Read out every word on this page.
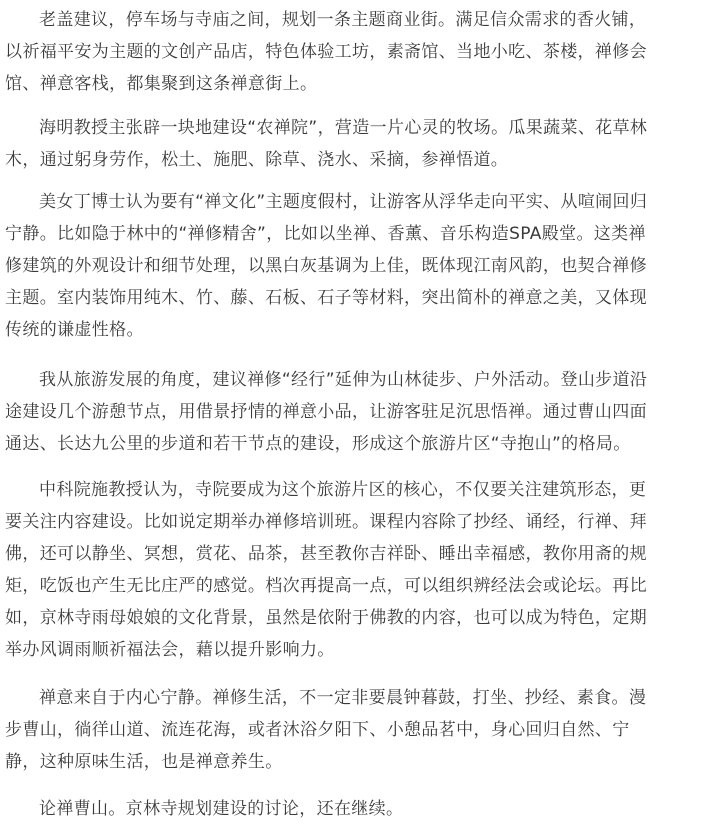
老盖建议，停车场与寺庙之间，规划一条主题商业街。满足信众需求的香火铺，
以祈福平安为主题的文创产品店，特色体验工坊，素斋馆、当地小吃、茶楼，禅修会
馆、禅意客栈，都集聚到这条禅意街上。
海明教授主张辟一块地建设“农禅院”，营造一片心灵的牧场。瓜果蔬菜、花草林
木，通过躬身劳作，松土、施肥、除草、浇水、采摘，参禅悟道。
美女丁博士认为要有“禅文化”主题度假村，让游客从浮华走向平实、从喧闹回归
宁静。比如隐于林中的“禅修精舍”，比如以坐禅、香薰、音乐构造SPA殿堂。这类禅
修建筑的外观设计和细节处理，以黑白灰基调为上佳，既体现江南风韵，也契合禅修
主题。室内装饰用纯木、竹、藤、石板、石子等材料，突出简朴的禅意之美，又体现
传统的谦虚性格。
我从旅游发展的角度，建议禅修“经行”延伸为山林徒步、户外活动。登山步道沿
途建设几个游憩节点，用借景抒情的禅意小品，让游客驻足沉思悟禅。通过曹山四面
通达、长达九公里的步道和若干节点的建设，形成这个旅游片区“寺抱山”的格局。
中科院施教授认为，寺院要成为这个旅游片区的核心，不仅要关注建筑形态，更
要关注内容建设。比如说定期举办禅修培训班。课程内容除了抄经、诵经，行禅、拜
佛，还可以静坐、冥想，赏花、品茶，甚至教你吉祥卧、睡出幸福感，教你用斋的规
矩，吃饭也产生无比庄严的感觉。档次再提高一点，可以组织辨经法会或论坛。再比
如，京林寺雨母娘娘的文化背景，虽然是依附于佛教的内容，也可以成为特色，定期
举办风调雨顺祈福法会，藉以提升影响力。
禅意来自于内心宁静。禅修生活，不一定非要晨钟暮鼓，打坐、抄经、素食。漫
步曹山，徜徉山道、流连花海，或者沐浴夕阳下、小憩品茗中，身心回归自然、宁
静，这种原味生活，也是禅意养生。
论禅曹山。京林寺规划建设的讨论，还在继续。
